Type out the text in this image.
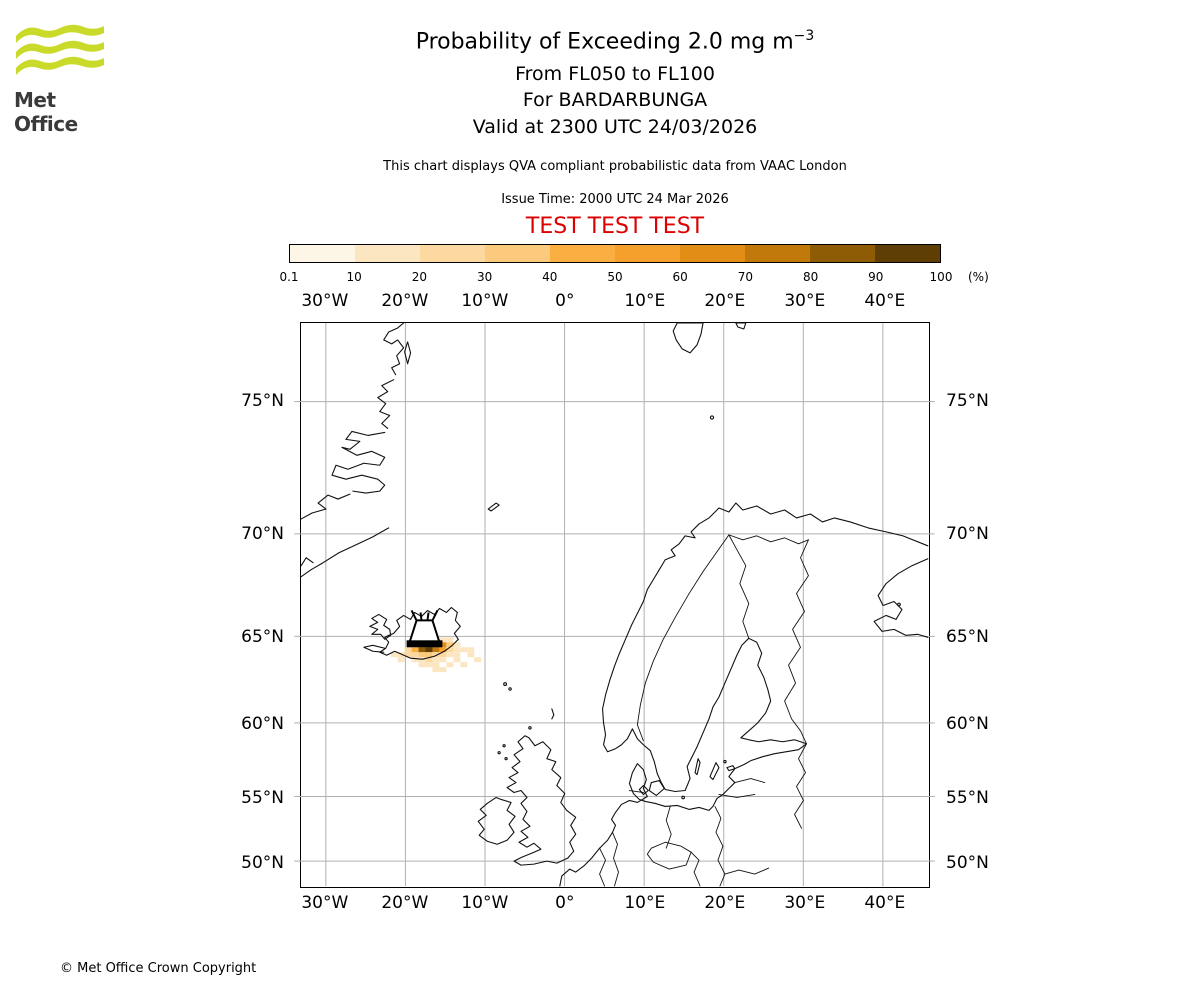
Met Office
Probability of Exceeding 2.0 mg $m^{-3}$
From FL050 to FL100
For BARDARBUNGA
Valid at 2300 UTC 24/03/2026
This chart displays QVA compliant probabilistic data from VAAC London
Issue Time: 2000 UTC 24 Mar 2026
TEST TEST TEST
0.1	10	20	30	40	50	60	70	80	90	100 (%)
30°W 20°W 10°W	0°	10°E 20°E 30°E 40°E
30°W 20°W 10°W	0°	10°E 20°E 30°E 40°E
75°N
70°N
65°N
60°N
55°N
50°N
75°N
70°N
65°N
60°N
55°N
50°N
© Met Office Crown Copyright
